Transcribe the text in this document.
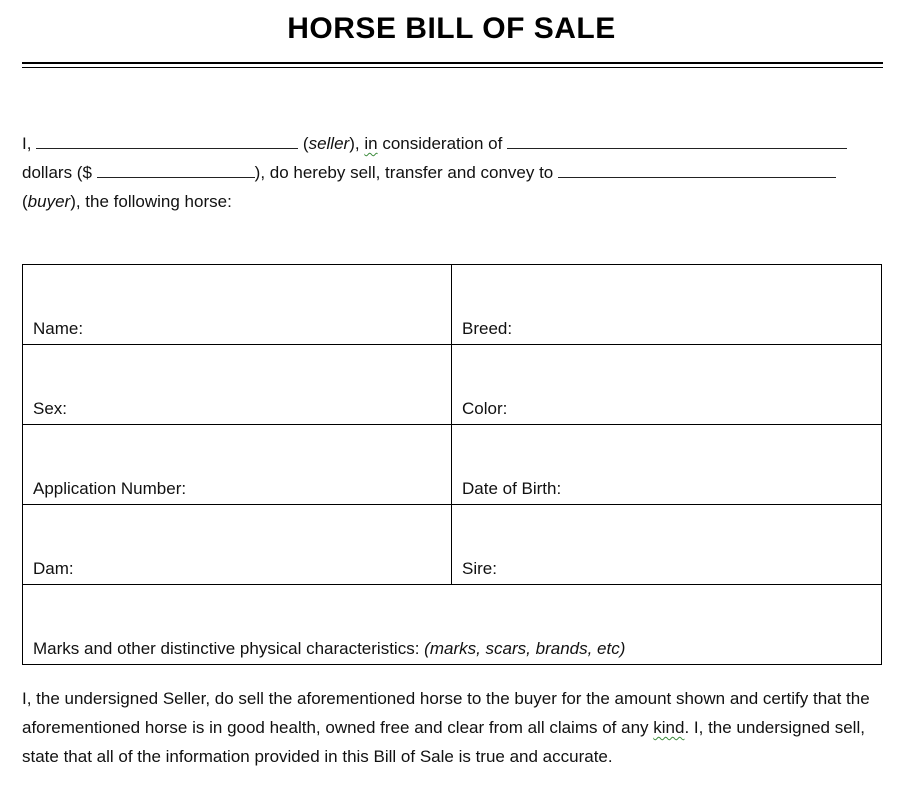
HORSE BILL OF SALE
I,	(seller), in consideration of
dollars ($	), do hereby sell, transfer and convey to
(buyer), the following horse:
Name:	Breed:
Sex:	Color:
Application Number:	Date of Birth:
Dam:	Sire:
Marks and other distinctive physical characteristics: (marks, scars, brands, etc)	
I, the undersigned Seller, do sell the aforementioned horse to the buyer for the amount shown and certify that the aforementioned horse is in good health, owned free and clear from all claims of any kind. I, the undersigned sell, state that all of the information provided in this Bill of Sale is true and accurate.
